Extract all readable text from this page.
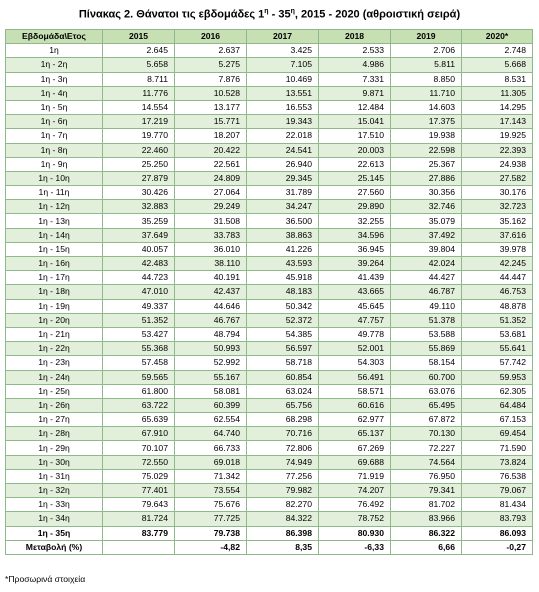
Πίνακας 2. Θάνατοι τις εβδομάδες $1^\eta - 35^\eta$, 2015 - 2020 (αθροιστική σειρά)
Εβδομάδα\Ετος	2015	2016	2017	2018	2019	2020*
1η	2.645	2.637	3.425	2.533	2.706	2.748
1η - 2η	5.658	5.275	7.105	4.986	5.811	5.668
1η - 3η	8.711	7.876	10.469	7.331	8.850	8.531
1η - 4η	11.776	10.528	13.551	9.871	11.710	11.305
1η - 5η	14.554	13.177	16.553	12.484	14.603	14.295
1η - 6η	17.219	15.771	19.343	15.041	17.375	17.143
1η - 7η	19.770	18.207	22.018	17.510	19.938	19.925
1η - 8η	22.460	20.422	24.541	20.003	22.598	22.393
1η - 9η	25.250	22.561	26.940	22.613	25.367	24.938
1η - 10η	27.879	24.809	29.345	25.145	27.886	27.582
1η - 11η	30.426	27.064	31.789	27.560	30.356	30.176
1η - 12η	32.883	29.249	34.247	29.890	32.746	32.723
1η - 13η	35.259	31.508	36.500	32.255	35.079	35.162
1η - 14η	37.649	33.783	38.863	34.596	37.492	37.616
1η - 15η	40.057	36.010	41.226	36.945	39.804	39.978
1η - 16η	42.483	38.110	43.593	39.264	42.024	42.245
1η - 17η	44.723	40.191	45.918	41.439	44.427	44.447
1η - 18η	47.010	42.437	48.183	43.665	46.787	46.753
1η - 19η	49.337	44.646	50.342	45.645	49.110	48.878
1η - 20η	51.352	46.767	52.372	47.757	51.378	51.352
1η - 21η	53.427	48.794	54.385	49.778	53.588	53.681
1η - 22η	55.368	50.993	56.597	52.001	55.869	55.641
1η - 23η	57.458	52.992	58.718	54.303	58.154	57.742
1η - 24η	59.565	55.167	60.854	56.491	60.700	59.953
1η - 25η	61.800	58.081	63.024	58.571	63.076	62.305
1η - 26η	63.722	60.399	65.756	60.616	65.495	64.484
1η - 27η	65.639	62.554	68.298	62.977	67.872	67.153
1η - 28η	67.910	64.740	70.716	65.137	70.130	69.454
1η - 29η	70.107	66.733	72.806	67.269	72.227	71.590
1η - 30η	72.550	69.018	74.949	69.688	74.564	73.824
1η - 31η	75.029	71.342	77.256	71.919	76.950	76.538
1η - 32η	77.401	73.554	79.982	74.207	79.341	79.067
1η - 33η	79.643	75.676	82.270	76.492	81.702	81.434
1η - 34η	81.724	77.725	84.322	78.752	83.966	83.793
1η - 35η	83.779	79.738	86.398	80.930	86.322	86.093
Μεταβολή (%)		-4,82	8,35	-6,33	6,66	-0,27
*Προσωρινά στοιχεία
